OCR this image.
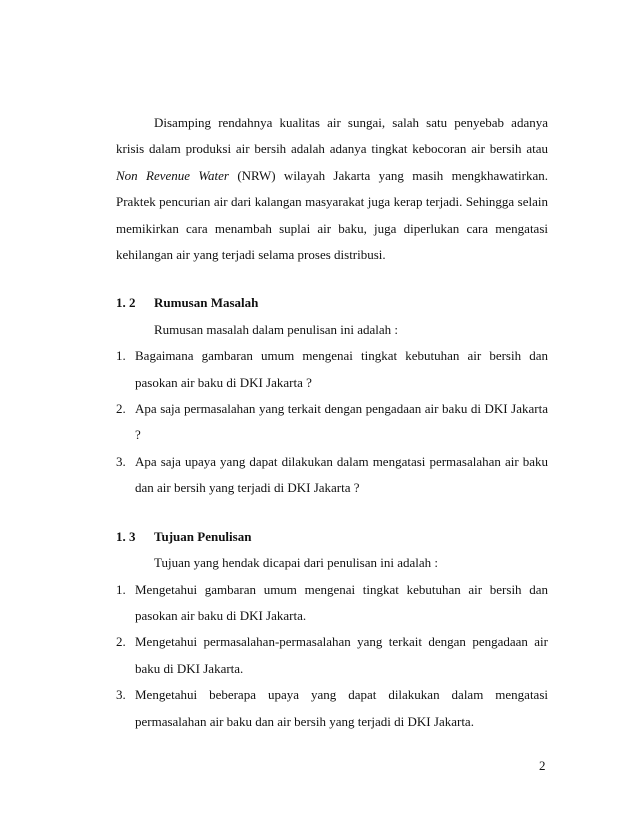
Disamping rendahnya kualitas air sungai, salah satu penyebab adanya krisis dalam produksi air bersih adalah adanya tingkat kebocoran air bersih atau Non Revenue Water (NRW) wilayah Jakarta yang masih mengkhawatirkan. Praktek pencurian air dari kalangan masyarakat juga kerap terjadi. Sehingga selain memikirkan cara menambah suplai air baku, juga diperlukan cara mengatasi kehilangan air yang terjadi selama proses distribusi.

1. 2	Rumusan Masalah
Rumusan masalah dalam penulisan ini adalah :
1. Bagaimana gambaran umum mengenai tingkat kebutuhan air bersih dan pasokan air baku di DKI Jakarta ?
2. Apa saja permasalahan yang terkait dengan pengadaan air baku di DKI Jakarta ?
3. Apa saja upaya yang dapat dilakukan dalam mengatasi permasalahan air baku dan air bersih yang terjadi di DKI Jakarta ?
1. 3	Tujuan Penulisan
Tujuan yang hendak dicapai dari penulisan ini adalah :
1. Mengetahui gambaran umum mengenai tingkat kebutuhan air bersih dan pasokan air baku di DKI Jakarta.
2. Mengetahui permasalahan-permasalahan yang terkait dengan pengadaan air baku di DKI Jakarta.
3. Mengetahui beberapa upaya yang dapat dilakukan dalam mengatasi permasalahan air baku dan air bersih yang terjadi di DKI Jakarta.
2
